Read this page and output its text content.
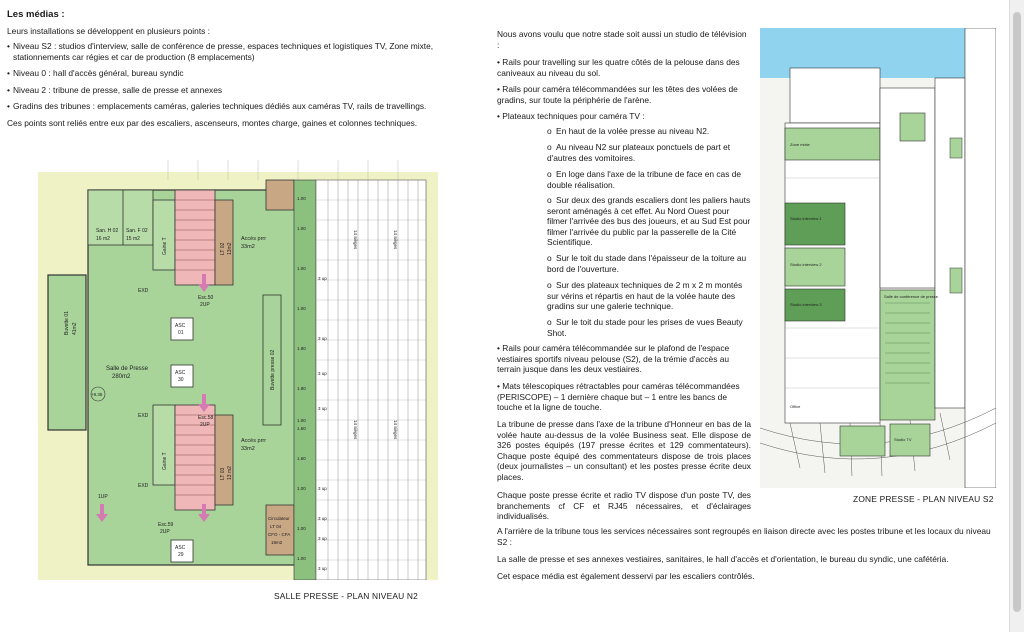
Les médias :
Leurs installations se développent en plusieurs points :
• Niveau S2 : studios d'interview, salle de conférence de presse, espaces techniques et logistiques TV, Zone mixte, stationnements car régies et car de production (8 emplacements)
• Niveau 0 : hall d'accès général, bureau syndic
• Niveau 2 : tribune de presse, salle de presse et annexes
• Gradins des tribunes : emplacements caméras, galeries techniques dédiés aux caméras TV, rails de travellings.
Ces points sont reliés entre eux par des escaliers, ascenseurs, montes charge, gaines et colonnes techniques.
Buvette 01 41m2
Salle de Presse
280m2
+9.35
San. H 02
16 m2
San. F 02
15 m2	Gaine T
Gaine T
LT 02 13m2
LT 03 13 m2
Accès prrr
33m2
Accès prrr
33m2
Esc.50
2UP
Esc.58
2UP
Esc.59
2UP
ASC
01
ASC
30
ASC
29
EXD
EXD
EXD
1UP
Buvette presse 02
Circulateur
LT 04
CFO - CFA
19m2
1.00
1.00
1.00
1.00
1.80
1.80
1.00
1.60
1.60
1.00
1.00
1.00
3 up
3 up
3 up
3 up
3 up
3 up
3 up
3 up
14 sièges
14 sièges
14 sièges
14 sièges
SALLE PRESSE - PLAN NIVEAU N2
Nous avons voulu que notre stade soit aussi un studio de télévision :
• Rails pour travelling sur les quatre côtés de la pelouse dans des caniveaux au niveau du sol.
• Rails pour caméra télécommandées sur les têtes des volées de gradins, sur toute la périphérie de l'arène.
• Plateaux techniques pour caméra TV :
o En haut de la volée presse au niveau N2.
o Au niveau N2 sur plateaux ponctuels de part et d'autres des vomitoires.
o En loge dans l'axe de la tribune de face en cas de double réalisation.
o Sur deux des grands escaliers dont les paliers hauts seront aménagés à cet effet. Au Nord Ouest pour filmer l'arrivée des bus des joueurs, et au Sud Est pour filmer l'arrivée du public par la passerelle de la Cité Scientifique.
o Sur le toit du stade dans l'épaisseur de la toiture au bord de l'ouverture.
o Sur des plateaux techniques de 2 m x 2 m montés sur vérins et répartis en haut de la volée haute des gradins sur une galerie technique.
o Sur le toit du stade pour les prises de vues Beauty Shot.
• Rails pour caméra télécommandée sur le plafond de l'espace vestiaires sportifs niveau pelouse (S2), de la trémie d'accès au terrain jusque dans les deux vestiaires.
• Mats télescopiques rétractables pour caméras télécommandées (PERISCOPE) – 1 dernière chaque but – 1 entre les bancs de touche et la ligne de touche.
La tribune de presse dans l'axe de la tribune d'Honneur en bas de la volée haute au-dessus de la volée Business seat. Elle dispose de 326 postes équipés (197 presse écrites et 129 commentateurs). Chaque poste équipé des commentateurs dispose de trois places (deux journalistes – un consultant) et les postes presse écrite deux places.
Chaque poste presse écrite et radio TV dispose d'un poste TV, des branchements cf CF et RJ45 nécessaires, et d'éclairages individualisés.
A l'arrière de la tribune tous les services nécessaires sont regroupés en liaison directe avec les postes tribune et les locaux du niveau S2 :
La salle de presse et ses annexes vestiaires, sanitaires, le hall d'accès et d'orientation, le bureau du syndic, une cafétéria.
Cet espace média est également desservi par les escaliers contrôlés.
Studio interview 1
Studio interview 2
Studio interview 3
Salle de conférence de presse
Zone mixte
Studio TV
Office
ZONE PRESSE - PLAN NIVEAU S2
